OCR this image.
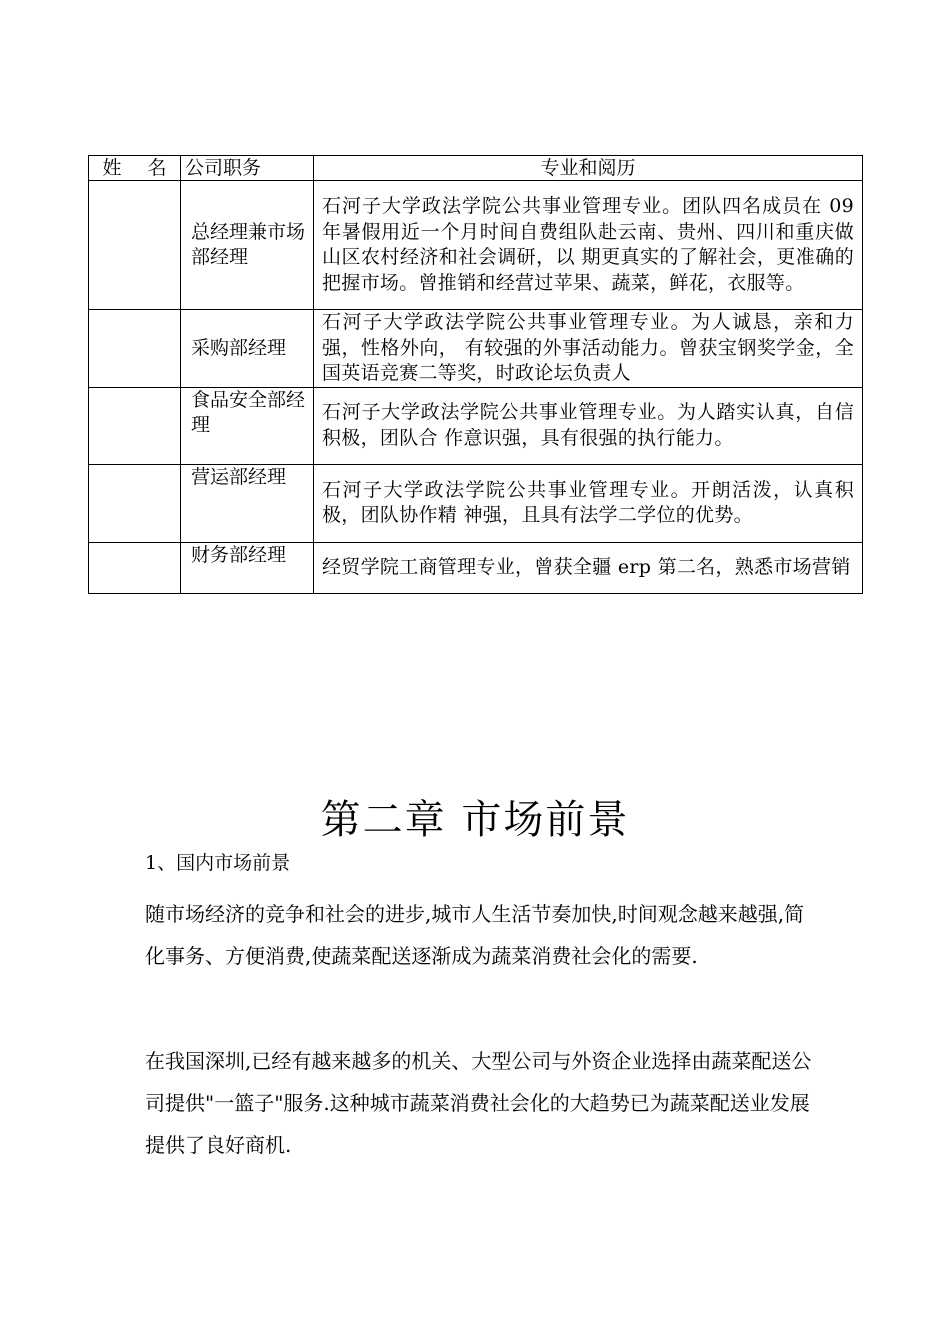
姓 名	公司职务	专业和阅历
	总经理兼市场部经理	石河子大学政法学院公共事业管理专业。团队四名成员在 09 年暑假用近一个月时间自费组队赴云南、贵州、四川和重庆做山区农村经济和社会调研，以 期更真实的了解社会，更准确的把握市场。曾推销和经营过苹果、蔬菜，鲜花，衣服等。
	采购部经理	石河子大学政法学院公共事业管理专业。为人诚恳，亲和力强，性格外向， 有较强的外事活动能力。曾获宝钢奖学金，全国英语竞赛二等奖，时政论坛负责人
	食品安全部经理	石河子大学政法学院公共事业管理专业。为人踏实认真，自信积极，团队合 作意识强，具有很强的执行能力。
	营运部经理	石河子大学政法学院公共事业管理专业。开朗活泼，认真积极，团队协作精 神强，且具有法学二学位的优势。
	财务部经理	经贸学院工商管理专业，曾获全疆 erp 第二名，熟悉市场营销
第二章 市场前景
1、国内市场前景

随市场经济的竞争和社会的进步,城市人生活节奏加快,时间观念越来越强,简化事务、方便消费,使蔬菜配送逐渐成为蔬菜消费社会化的需要.

在我国深圳,已经有越来越多的机关、大型公司与外资企业选择由蔬菜配送公司提供"一篮子"服务.这种城市蔬菜消费社会化的大趋势已为蔬菜配送业发展提供了良好商机.
